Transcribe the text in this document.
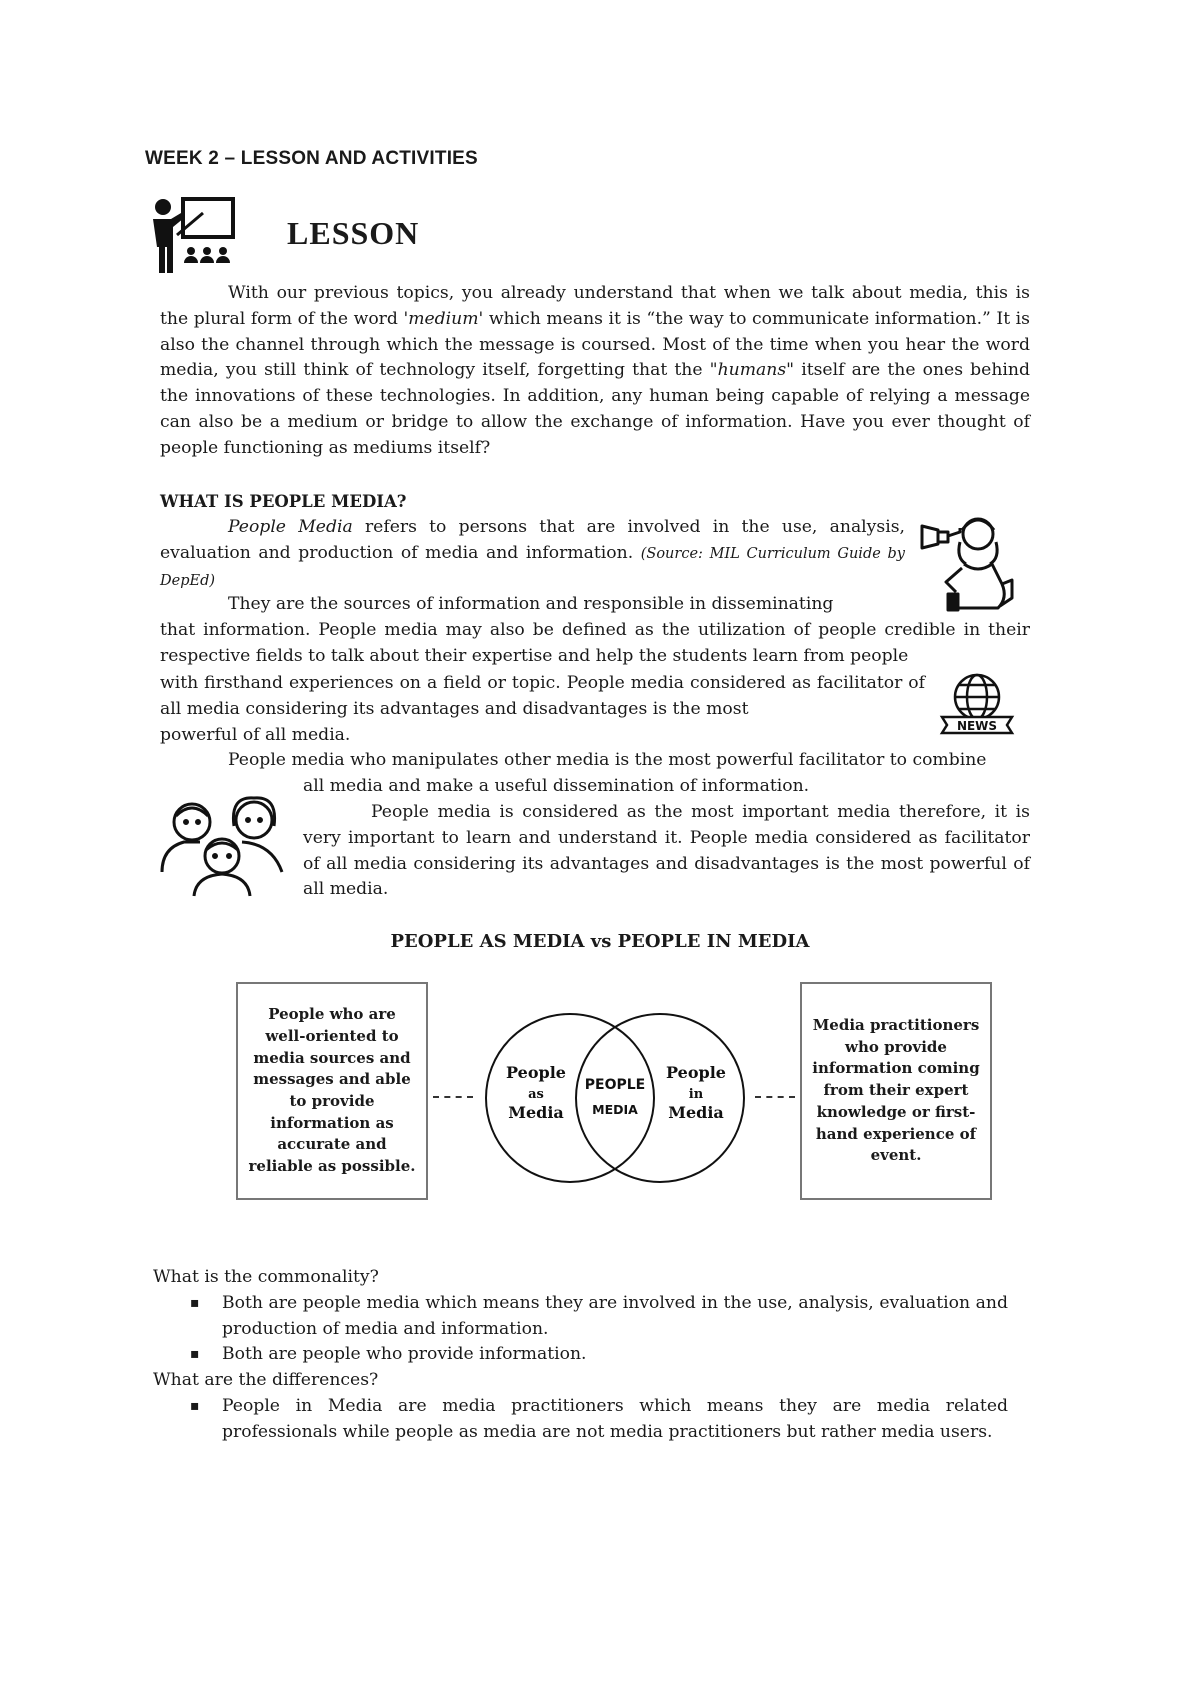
WEEK 2 – LESSON AND ACTIVITIES
LESSON
With our previous topics, you already understand that when we talk about media, this is the plural form of the word 'medium' which means it is “the way to communicate information.” It is also the channel through which the message is coursed. Most of the time when you hear the word media, you still think of technology itself, forgetting that the "humans" itself are the ones behind the innovations of these technologies. In addition, any human being capable of relying a message can also be a medium or bridge to allow the exchange of information. Have you ever thought of people functioning as mediums itself?
WHAT IS PEOPLE MEDIA?
People Media refers to persons that are involved in the use, analysis, evaluation and production of media and information. (Source: MIL Curriculum Guide by DepEd)
They are the sources of information and responsible in disseminating
that information. People media may also be defined as the utilization of people credible in their respective fields to talk about their expertise and help the students learn from people
with firsthand experiences on a field or topic. People media considered as facilitator of all media considering its advantages and disadvantages is the most
powerful of all media.	NEWS
People media who manipulates other media is the most powerful facilitator to combine
all media and make a useful dissemination of information.
People media is considered as the most important media therefore, it is very important to learn and understand it. People media considered as facilitator of all media considering its advantages and disadvantages is the most powerful of all media.
PEOPLE AS MEDIA vs PEOPLE IN MEDIA
People who are well-oriented to media sources and messages and able to provide information as accurate and reliable as possible.
Media practitioners who provide information coming from their expert knowledge or first- hand experience of event.
People
as
Media
People
in
Media
PEOPLE
MEDIA
What is the commonality?
▪ Both are people media which means they are involved in the use, analysis, evaluation and production of media and information.
▪ Both are people who provide information.
What are the differences?
▪ People in Media are media practitioners which means they are media related professionals while people as media are not media practitioners but rather media users.
